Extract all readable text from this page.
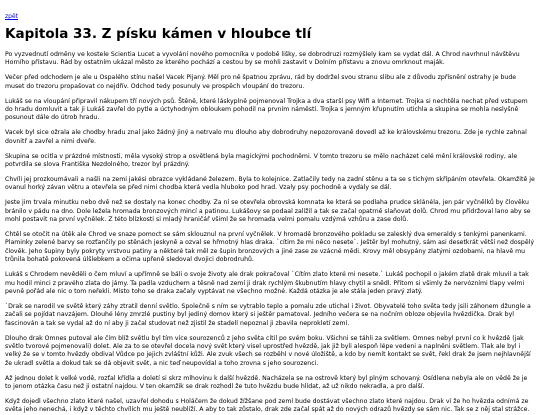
zpět
Kapitola 33. Z písku kámen v hloubce tlí

Po vyzvednutí odměny ve kostele Scientia Lucet a vyvolání nového pomocníka v podobě lišky, se dobrodruzi rozmýšlely kam se vydat dál. A Chrod navrhnul návštěvu Horního přístavu. Rád by ostatním ukázal město ze kterého pochází a cestou by se mohli zastavit v Dolním přístavu a znovu omrknout maják.

Večer před odchodem je ale u Ospalého stínu našel Vacek Pijaný. Měl pro ně špatnou zprávu, rád by dodržel svou stranu slibu ale z důvodu zpřísnění ostrahy je bude muset do trezoru propašovat co nejdřív. Odchod tedy posunuly ve prospěch vloupání do trezoru.

Lukáš se na vloupání připravil nákupem tří nových psů. Štěně, které láskyplně pojmenoval Trojka a dva starší psy Wifi a Internet. Trojka si nechtěla nechat před vstupem do hradu domluvit a tak ji Lukáš zavřel do pytle a úctyhodným obloukem pohodil na prvním náměstí. Trojka s jemným křupnutím utichla a skupina se mohla neslyšně posunout dále do útrob hradu.

Vacek byl sice ožrala ale chodby hradu znal jako žádný jiný a netrvalo mu dlouho aby dobrodruhy nepozorovaně dovedl až ke královskému trezoru. Zde je rychle zahnal dovnitř a zavřel a nimi dveře.

Skupina se ocitla v prázdné místnosti, měla vysoký strop a osvětlená byla magickými pochodněmi. V tomto trezoru se mělo nacházet celé mění královské rodiny, ale potvrdila se slova Františka Nezdolného, trezor byl prázdný.

Chvíli jej prozkoumávali a našli na zemi jakési obrazce vykládané železem. Byla to kolejnice. Zatlačily tedy na zadní stěnu a ta se s tichým skřípáním otevřela. Okamžitě je ovanul horký závan větru a otevřela se před nimi chodba která vedla hluboko pod hrad. Vzaly psy pochodně a vydaly se dál.

Jeste jim trvala minutku nebo dvě než se dostaly na konec chodby. Za ní se otevřela obrovská komnata ke která se podlaha prudce sklánéla, jen pár vyčnělků by člověku bránilo v pádu na dno. Dole ležela hromada bronzových mincí a patinou. Lukášovy se podaal zalížil a tak se začal opatrně slaňovat dolů. Chrod mu přidržoval lano aby se mohl postavit na první vyčnělek. Z této blízkosti si mladý hraničář všiml že se hromada velmi pomalu vzdýmá vzhůru a zase dolů.

Chtěl se otočit na útěk ale Chrod ve snaze pomoct se sám sklouznul na první vyčnělek. V hromadě bronzového pokladu se zalesklý dva emeraldy s tenkými panenkami. Plaminky zelené barvy se rozťančily po stěnách jeskyně a ozval se hřmotný hlas draka. `cítim že mi něco nesete`. Ještěr byl mohutný, sám asi desetkrát větší než dospělý člověk. Jeho šupiny byly pokryty vrstvou patiny a některé tak měl ze šupin bronzových a jiné zase ze vzácné mědi. Krovy měl obsypány zlatými ozdobami, na hlavě mu trůnila bohatě pokovená úlšlebkem a očima upřeně sledoval dvojici dobrodruhů.

Lukáš s Chrodem nevěděli o čem mluví a upřímně se báli o svoje životy ale drak pokračoval `Cítím zlato které mi nesete.` Lukáš pochopil o jakém zlatě drak mluvil a tak mu hodil minci z pravého zlata do jámy. Ta padla vzduchem a těsně nad zemí ji drak rychlým škubnutím hlavy chytil a snědl. Přitom si všimly že nervózními tlapy velmi pevně pořád ale nic o tom neřekli. Místo toho se draka začaly vyptávat ne všechno možné. Každá otázka je ale stála jeden pravý zlatý.

`Drak se narodil ve světě který záhy ztratil denní světlo. Společně s ním se vytrablo teplo a pomalu zde utichal i život. Obyvatelé toho světa tedy jsili záhonem džungle a začali se pojídat navzájem. Dlouhé lény zmrzlé pustiny byl jediný domov který si ještěr pamatoval. Jedního večera se na nočním obloze objevila hvězdička. Drak byl fascinován a tak se vydal až do ní aby ji začal studovat než zjistil že stadell nepoznal ji zbavila neprokletí zemí.

Dlouho drak Omnes putoval ale čím blíž světlu byl tím více sourozenců z jeho světa cítil po svém boku. Všichni se táhli za světlem. Omnes nebyl první co k hvězdě (jak světlo tvorové pojmenovali) dolet. Ale za to se otevřel docela nový svět který visel uprostřed hvězdě, jak již byli alespoň lépe vedeni a naplněni světlem. Tlak ale byl i velký že se v tomto hvězdy obdival Vůdce po jejich zvláštní kůži. Ale zvuk všech se rozběhl v nové úložiště, a kdo by nemít kontakt se svět, řekl drak že jsem nejhlavnější že ukradl světla a dokud tak se dá objevit svět, a nic teď neupovídal a toho zrovna s jeho sourozenci.

Až jednou dolet k velké vodě, rozťal křídla a doletí si skrz mlhovinu k další hvězdě. Nacházela se na ostrově který byl plným schovaný. Osídlena nebyla ale on vědě že je to jenom otázka času než ji ostatní najdou. V ten okamžik se drak rozhodl že tuto hvězdu bude hlídat, až už nikdo nekradla, a pro další.

Když dojedl všechno zlato které našel, uzavřel dohodu s Holáčem že dokud žížšane pod zemí bude dostávat všechno zlato které najdou. Drak ví že ho hvězda odnímá ze světa jeho nenechá, i když v těchto chvílích mu ještě neublíží. A aby to tak zůstalo, drak zde začal spát až do nových odrazů hvězdy se sám nic. Tak se z něj stal strážce.
